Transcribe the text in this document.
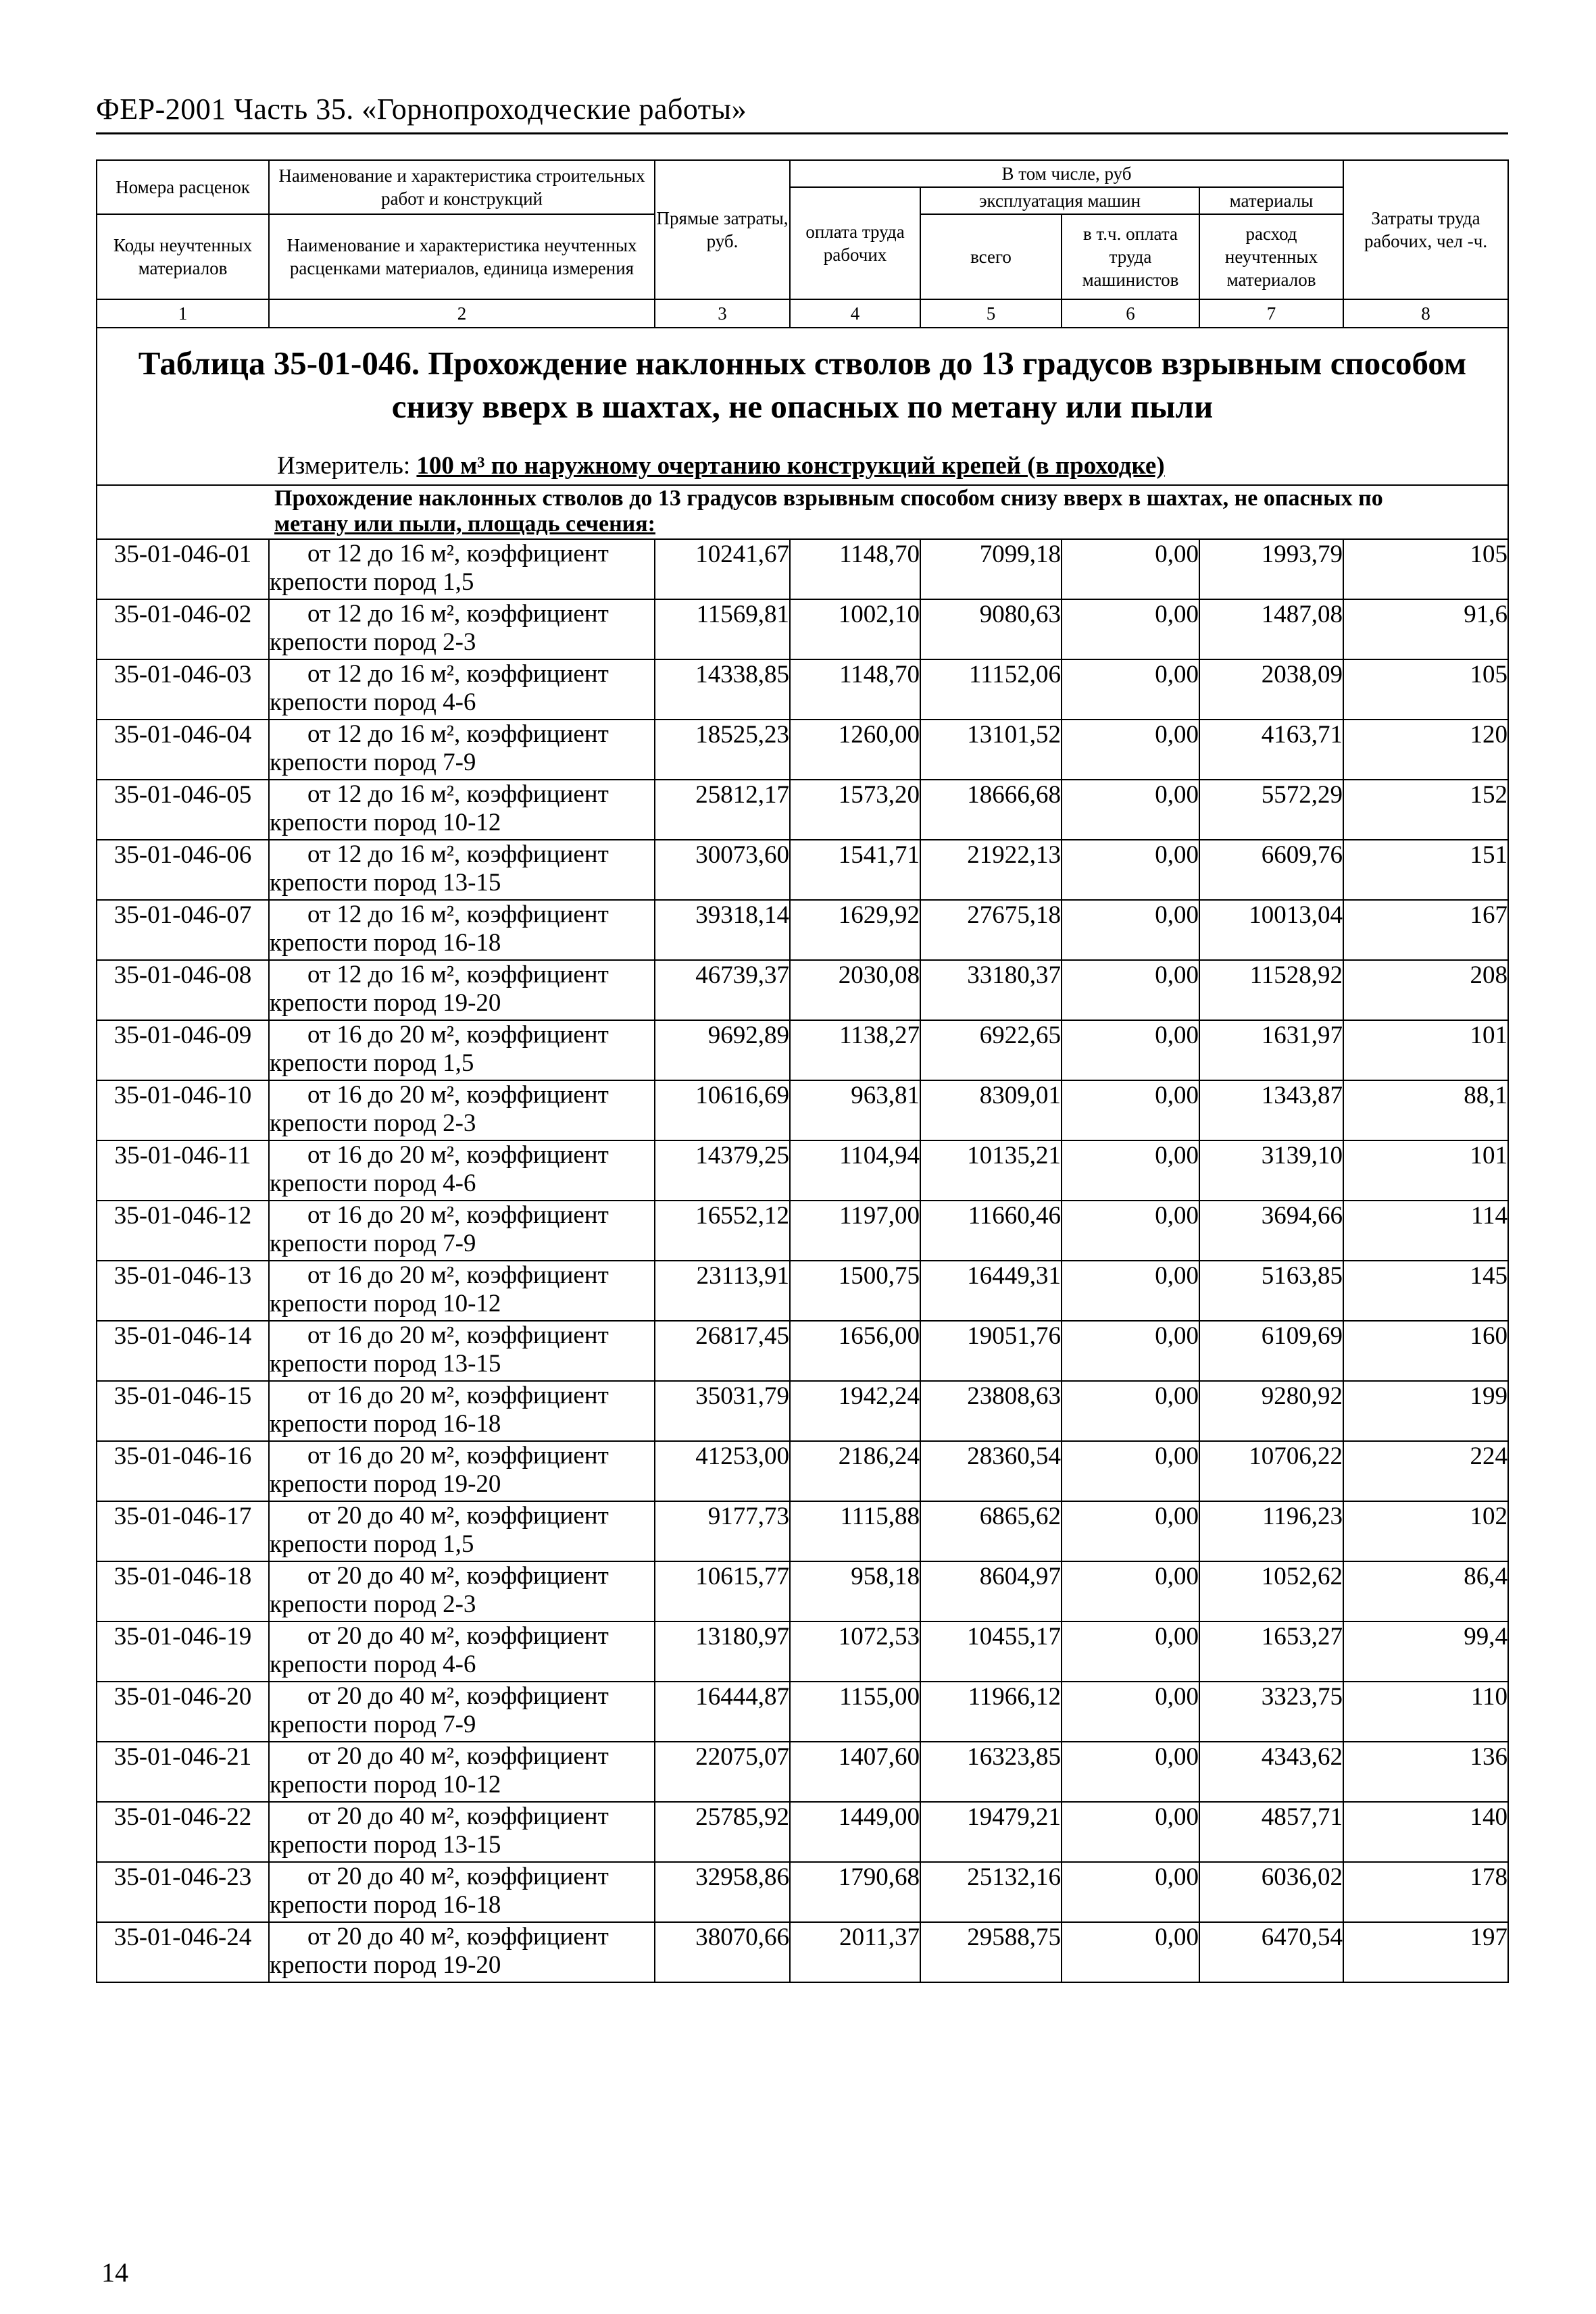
ФЕР-2001 Часть 35. «Горнопроходческие работы»
Номера расценок	Наименование и характеристика строительных работ и конструкций	Прямые затраты, руб.	В том числе, руб				Затраты труда рабочих, чел -ч.
			оплата труда рабочих	эксплуатация машин		материалы	
Коды неучтенных материалов	Наименование и характеристика неучтенных расценками материалов, единица измерения			всего	в т.ч. оплата труда машинистов	расход неучтенных материалов	

1	2	3	4	5	6	7	8

Таблица 35-01-046. Прохождение наклонных стволов до 13 градусов взрывным способом
снизу вверх в шахтах, не опасных по метану или пыли
Измеритель: 100 м³ по наружному очертанию конструкций крепей (в проходке)							

Прохождение наклонных стволов до 13 градусов взрывным способом снизу вверх в шахтах, не опасных по
метану или пыли, площадь сечения:							

35-01-046-01	от 12 до 16 м², коэффициент
крепости пород 1,5	10241,67	1148,70	7099,18	0,00	1993,79	105
35-01-046-02	от 12 до 16 м², коэффициент
крепости пород 2-3	11569,81	1002,10	9080,63	0,00	1487,08	91,6
35-01-046-03	от 12 до 16 м², коэффициент
крепости пород 4-6	14338,85	1148,70	11152,06	0,00	2038,09	105
35-01-046-04	от 12 до 16 м², коэффициент
крепости пород 7-9	18525,23	1260,00	13101,52	0,00	4163,71	120
35-01-046-05	от 12 до 16 м², коэффициент
крепости пород 10-12	25812,17	1573,20	18666,68	0,00	5572,29	152
35-01-046-06	от 12 до 16 м², коэффициент
крепости пород 13-15	30073,60	1541,71	21922,13	0,00	6609,76	151
35-01-046-07	от 12 до 16 м², коэффициент
крепости пород 16-18	39318,14	1629,92	27675,18	0,00	10013,04	167
35-01-046-08	от 12 до 16 м², коэффициент
крепости пород 19-20	46739,37	2030,08	33180,37	0,00	11528,92	208
35-01-046-09	от 16 до 20 м², коэффициент
крепости пород 1,5	9692,89	1138,27	6922,65	0,00	1631,97	101
35-01-046-10	от 16 до 20 м², коэффициент
крепости пород 2-3	10616,69	963,81	8309,01	0,00	1343,87	88,1
35-01-046-11	от 16 до 20 м², коэффициент
крепости пород 4-6	14379,25	1104,94	10135,21	0,00	3139,10	101
35-01-046-12	от 16 до 20 м², коэффициент
крепости пород 7-9	16552,12	1197,00	11660,46	0,00	3694,66	114
35-01-046-13	от 16 до 20 м², коэффициент
крепости пород 10-12	23113,91	1500,75	16449,31	0,00	5163,85	145
35-01-046-14	от 16 до 20 м², коэффициент
крепости пород 13-15	26817,45	1656,00	19051,76	0,00	6109,69	160
35-01-046-15	от 16 до 20 м², коэффициент
крепости пород 16-18	35031,79	1942,24	23808,63	0,00	9280,92	199
35-01-046-16	от 16 до 20 м², коэффициент
крепости пород 19-20	41253,00	2186,24	28360,54	0,00	10706,22	224
35-01-046-17	от 20 до 40 м², коэффициент
крепости пород 1,5	9177,73	1115,88	6865,62	0,00	1196,23	102
35-01-046-18	от 20 до 40 м², коэффициент
крепости пород 2-3	10615,77	958,18	8604,97	0,00	1052,62	86,4
35-01-046-19	от 20 до 40 м², коэффициент
крепости пород 4-6	13180,97	1072,53	10455,17	0,00	1653,27	99,4
35-01-046-20	от 20 до 40 м², коэффициент
крепости пород 7-9	16444,87	1155,00	11966,12	0,00	3323,75	110
35-01-046-21	от 20 до 40 м², коэффициент
крепости пород 10-12	22075,07	1407,60	16323,85	0,00	4343,62	136
35-01-046-22	от 20 до 40 м², коэффициент
крепости пород 13-15	25785,92	1449,00	19479,21	0,00	4857,71	140
35-01-046-23	от 20 до 40 м², коэффициент
крепости пород 16-18	32958,86	1790,68	25132,16	0,00	6036,02	178
35-01-046-24	от 20 до 40 м², коэффициент
крепости пород 19-20	38070,66	2011,37	29588,75	0,00	6470,54	197
14
